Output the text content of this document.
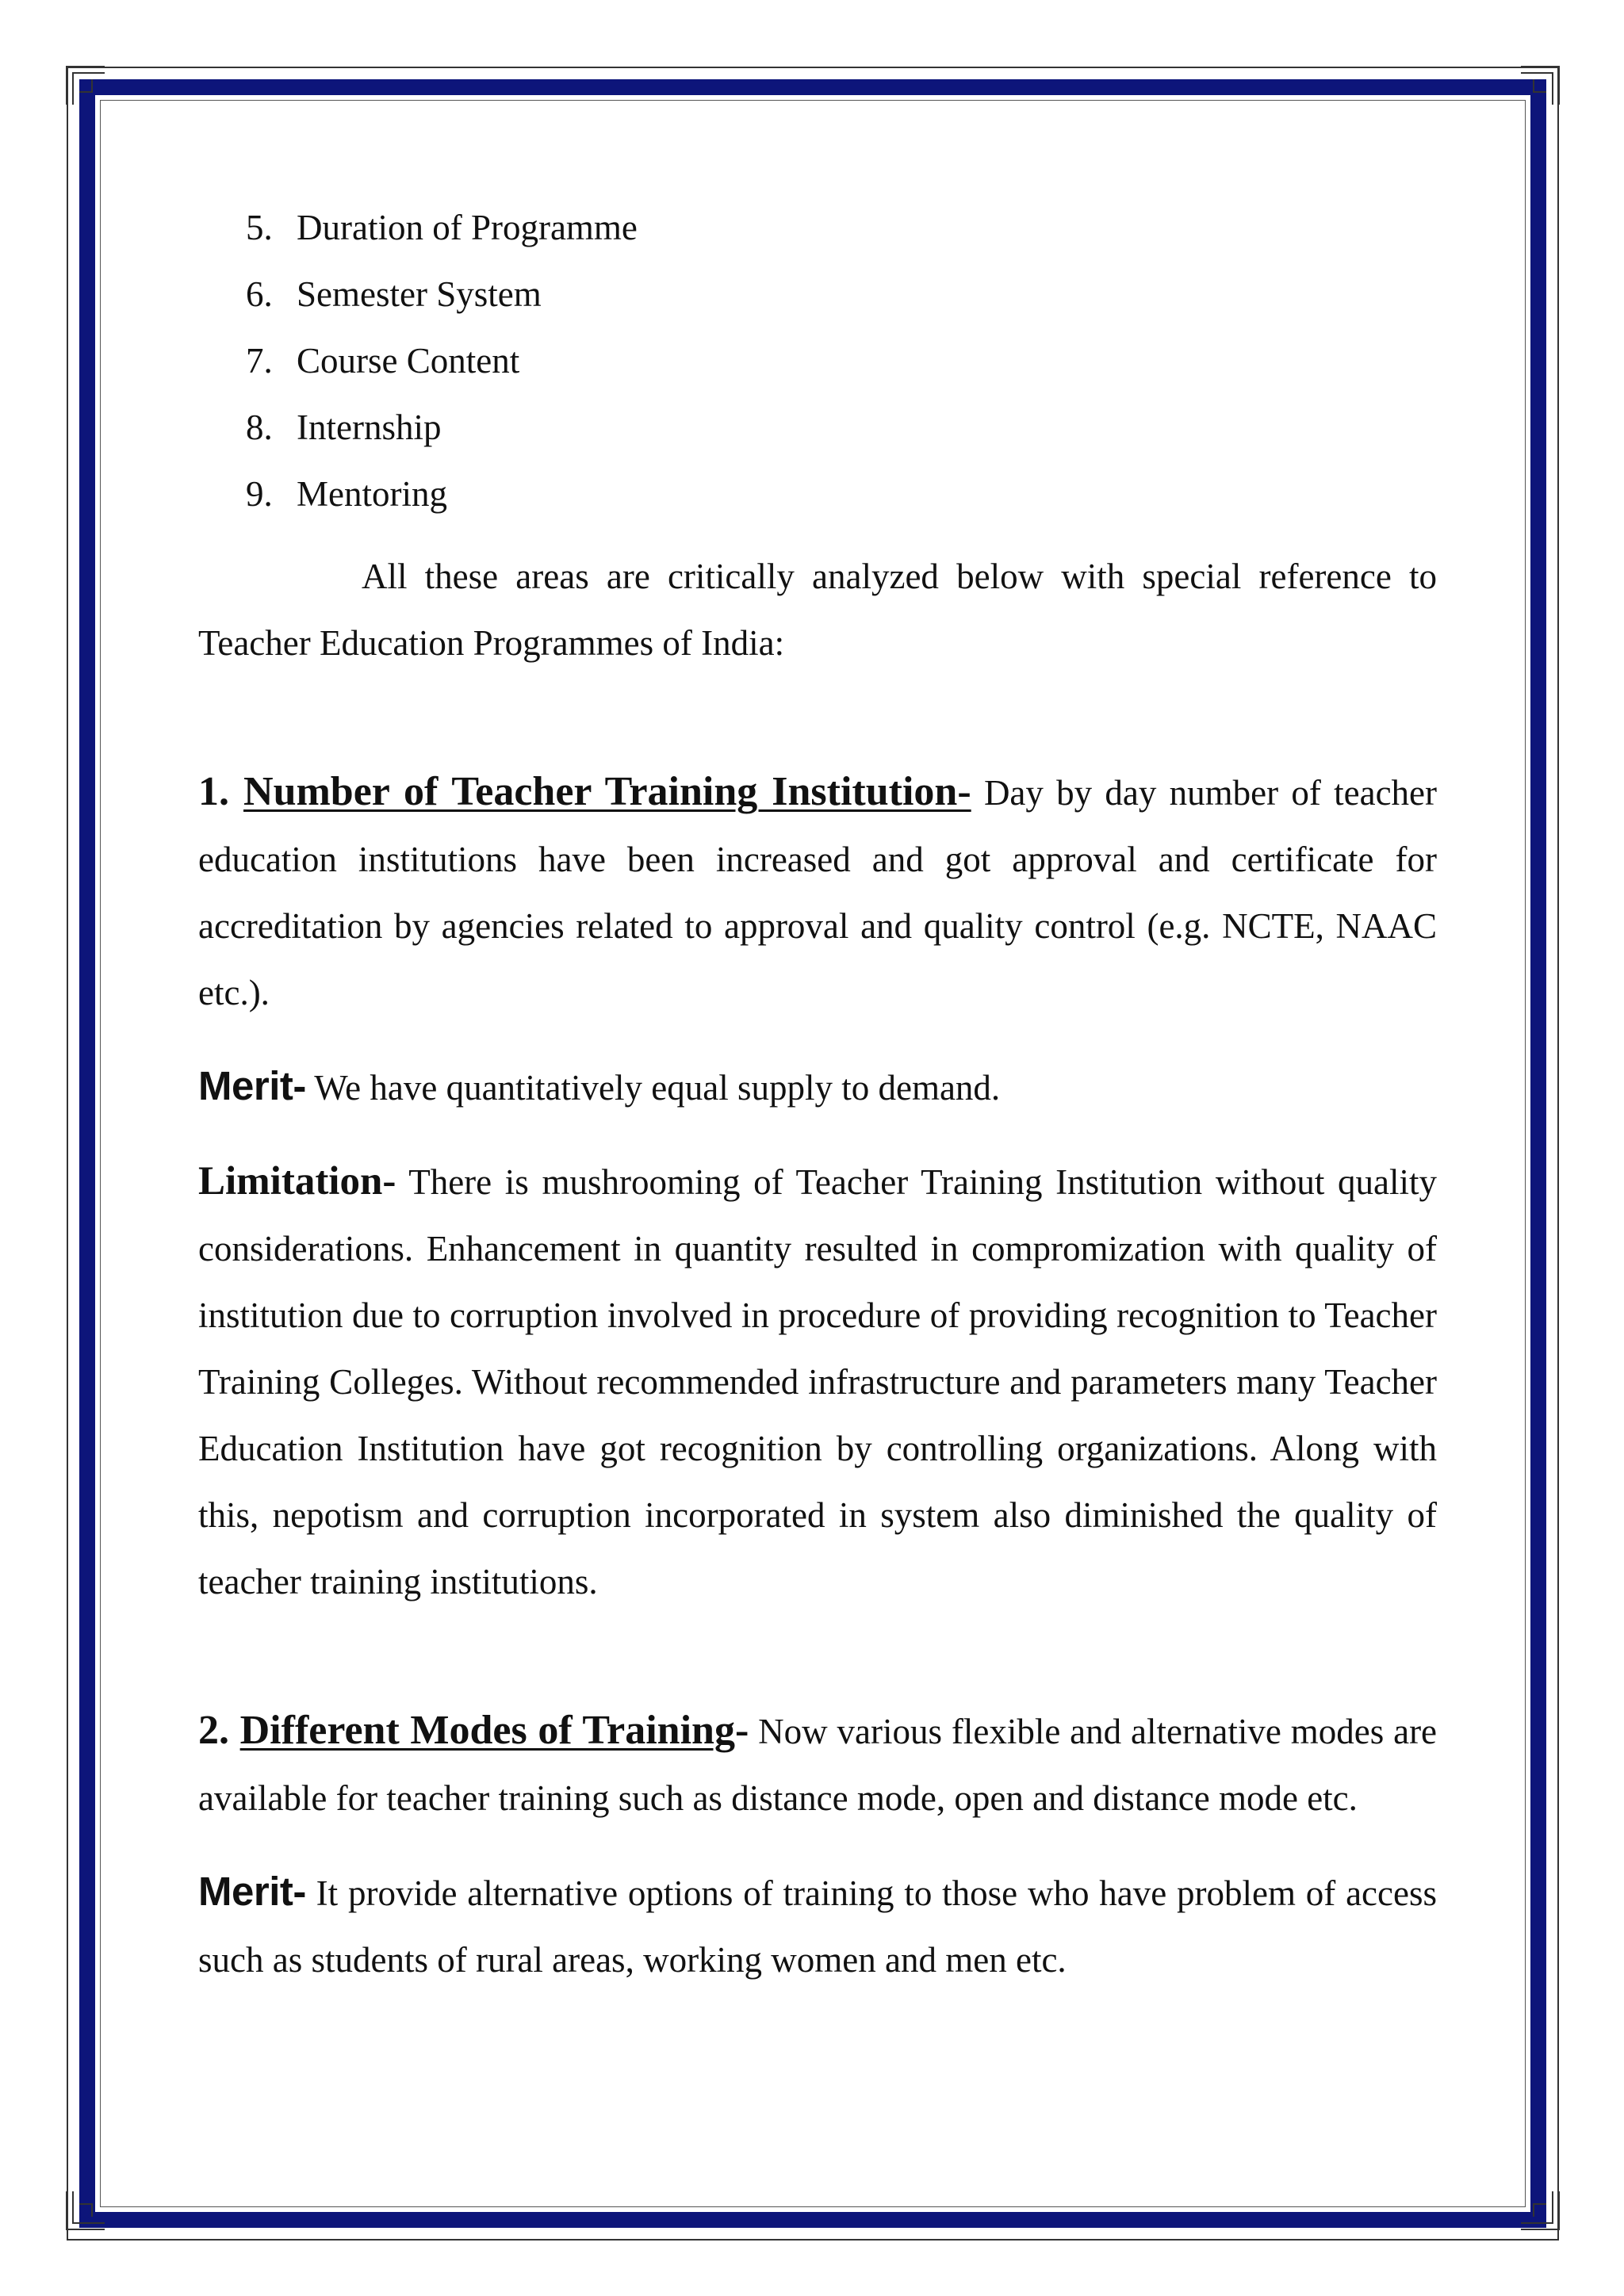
5. Duration of Programme
6. Semester System
7. Course Content
8. Internship
9. Mentoring

All these areas are critically analyzed below with special reference to Teacher Education Programmes of India:

1. Number of Teacher Training Institution- Day by day number of teacher education institutions have been increased and got approval and certificate for accreditation by agencies related to approval and quality control (e.g. NCTE, NAAC etc.).

Merit- We have quantitatively equal supply to demand.

Limitation- There is mushrooming of Teacher Training Institution without quality considerations. Enhancement in quantity resulted in compromization with quality of institution due to corruption involved in procedure of providing recognition to Teacher Training Colleges. Without recommended infrastructure and parameters many Teacher Education Institution have got recognition by controlling organizations. Along with this, nepotism and corruption incorporated in system also diminished the quality of teacher training institutions.

2. Different Modes of Training- Now various flexible and alternative modes are available for teacher training such as distance mode, open and distance mode etc.

Merit- It provide alternative options of training to those who have problem of access such as students of rural areas, working women and men etc.
